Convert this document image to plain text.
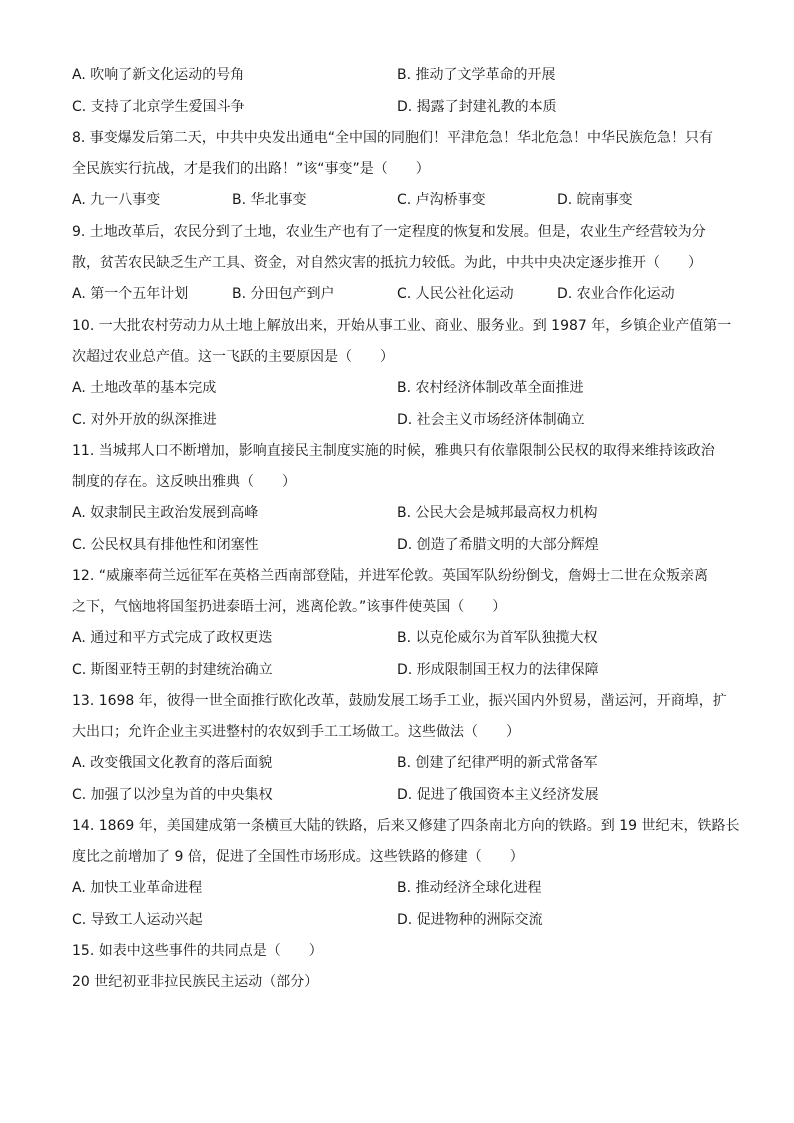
A. 吹响了新文化运动的号角	B. 推动了文学革命的开展
C. 支持了北京学生爱国斗争	D. 揭露了封建礼教的本质
8. 事变爆发后第二天，中共中央发出通电“全中国的同胞们！平津危急！华北危急！中华民族危急！只有
全民族实行抗战，才是我们的出路！”该“事变”是（　　）
A. 九一八事变	B. 华北事变	C. 卢沟桥事变	D. 皖南事变
9. 土地改革后，农民分到了土地，农业生产也有了一定程度的恢复和发展。但是，农业生产经营较为分
散，贫苦农民缺乏生产工具、资金，对自然灾害的抵抗力较低。为此，中共中央决定逐步推开（　　）
A. 第一个五年计划	B. 分田包产到户	C. 人民公社化运动	D. 农业合作化运动
10. 一大批农村劳动力从土地上解放出来，开始从事工业、商业、服务业。到 1987 年，乡镇企业产值第一
次超过农业总产值。这一飞跃的主要原因是（　　）
A. 土地改革的基本完成	B. 农村经济体制改革全面推进
C. 对外开放的纵深推进	D. 社会主义市场经济体制确立
11. 当城邦人口不断增加，影响直接民主制度实施的时候，雅典只有依靠限制公民权的取得来维持该政治
制度的存在。这反映出雅典（　　）
A. 奴隶制民主政治发展到高峰	B. 公民大会是城邦最高权力机构
C. 公民权具有排他性和闭塞性	D. 创造了希腊文明的大部分辉煌
12. “威廉率荷兰远征军在英格兰西南部登陆，并进军伦敦。英国军队纷纷倒戈，詹姆士二世在众叛亲离
之下，气恼地将国玺扔进泰晤士河，逃离伦敦。”该事件使英国（　　）
A. 通过和平方式完成了政权更迭	B. 以克伦威尔为首军队独揽大权
C. 斯图亚特王朝的封建统治确立	D. 形成限制国王权力的法律保障
13. 1698 年，彼得一世全面推行欧化改革，鼓励发展工场手工业，振兴国内外贸易，凿运河，开商埠，扩
大出口；允许企业主买进整村的农奴到手工工场做工。这些做法（　　）
A. 改变俄国文化教育的落后面貌	B. 创建了纪律严明的新式常备军
C. 加强了以沙皇为首的中央集权	D. 促进了俄国资本主义经济发展
14. 1869 年，美国建成第一条横亘大陆的铁路，后来又修建了四条南北方向的铁路。到 19 世纪末，铁路长
度比之前增加了 9 倍，促进了全国性市场形成。这些铁路的修建（　　）
A. 加快工业革命进程	B. 推动经济全球化进程
C. 导致工人运动兴起	D. 促进物种的洲际交流
15. 如表中这些事件的共同点是（　　）
20 世纪初亚非拉民族民主运动（部分）
